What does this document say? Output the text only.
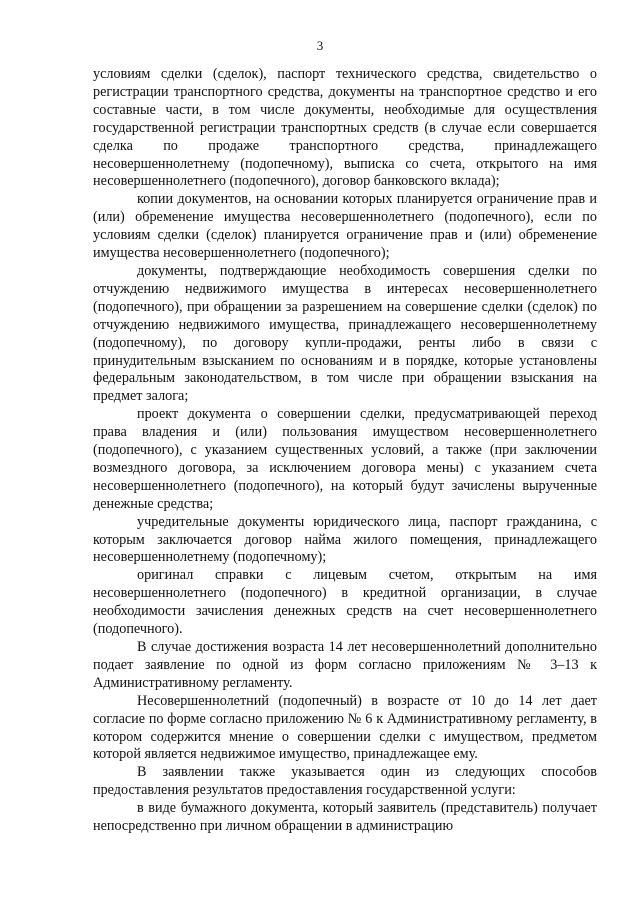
3

условиям сделки (сделок), паспорт технического средства, свидетельство о регистрации транспортного средства, документы на транспортное средство и его составные части, в том числе документы, необходимые для осуществления государственной регистрации транспортных средств (в случае если совершается сделка по продаже транспортного средства, принадлежащего несовершеннолетнему (подопечному), выписка со счета, открытого на имя несовершеннолетнего (подопечного), договор банковского вклада);

копии документов, на основании которых планируется ограничение прав и (или) обременение имущества несовершеннолетнего (подопечного), если по условиям сделки (сделок) планируется ограничение прав и (или) обременение имущества несовершеннолетнего (подопечного);

документы, подтверждающие необходимость совершения сделки по отчуждению недвижимого имущества в интересах несовершеннолетнего (подопечного), при обращении за разрешением на совершение сделки (сделок) по отчуждению недвижимого имущества, принадлежащего несовершеннолетнему (подопечному), по договору купли-продажи, ренты либо в связи с принудительным взысканием по основаниям и в порядке, которые установлены федеральным законодательством, в том числе при обращении взыскания на предмет залога;

проект документа о совершении сделки, предусматривающей переход права владения и (или) пользования имуществом несовершеннолетнего (подопечного), с указанием существенных условий, а также (при заключении возмездного договора, за исключением договора мены) с указанием счета несовершеннолетнего (подопечного), на который будут зачислены вырученные денежные средства;

учредительные документы юридического лица, паспорт гражданина, с которым заключается договор найма жилого помещения, принадлежащего несовершеннолетнему (подопечному);

оригинал справки с лицевым счетом, открытым на имя несовершеннолетнего (подопечного) в кредитной организации, в случае необходимости зачисления денежных средств на счет несовершеннолетнего (подопечного).

В случае достижения возраста 14 лет несовершеннолетний дополнительно подает заявление по одной из форм согласно приложениям № 3–13 к Административному регламенту.

Несовершеннолетний (подопечный) в возрасте от 10 до 14 лет дает согласие по форме согласно приложению № 6 к Административному регламенту, в котором содержится мнение о совершении сделки с имуществом, предметом которой является недвижимое имущество, принадлежащее ему.

В заявлении также указывается один из следующих способов предоставления результатов предоставления государственной услуги:

в виде бумажного документа, который заявитель (представитель) получает непосредственно при личном обращении в администрацию
